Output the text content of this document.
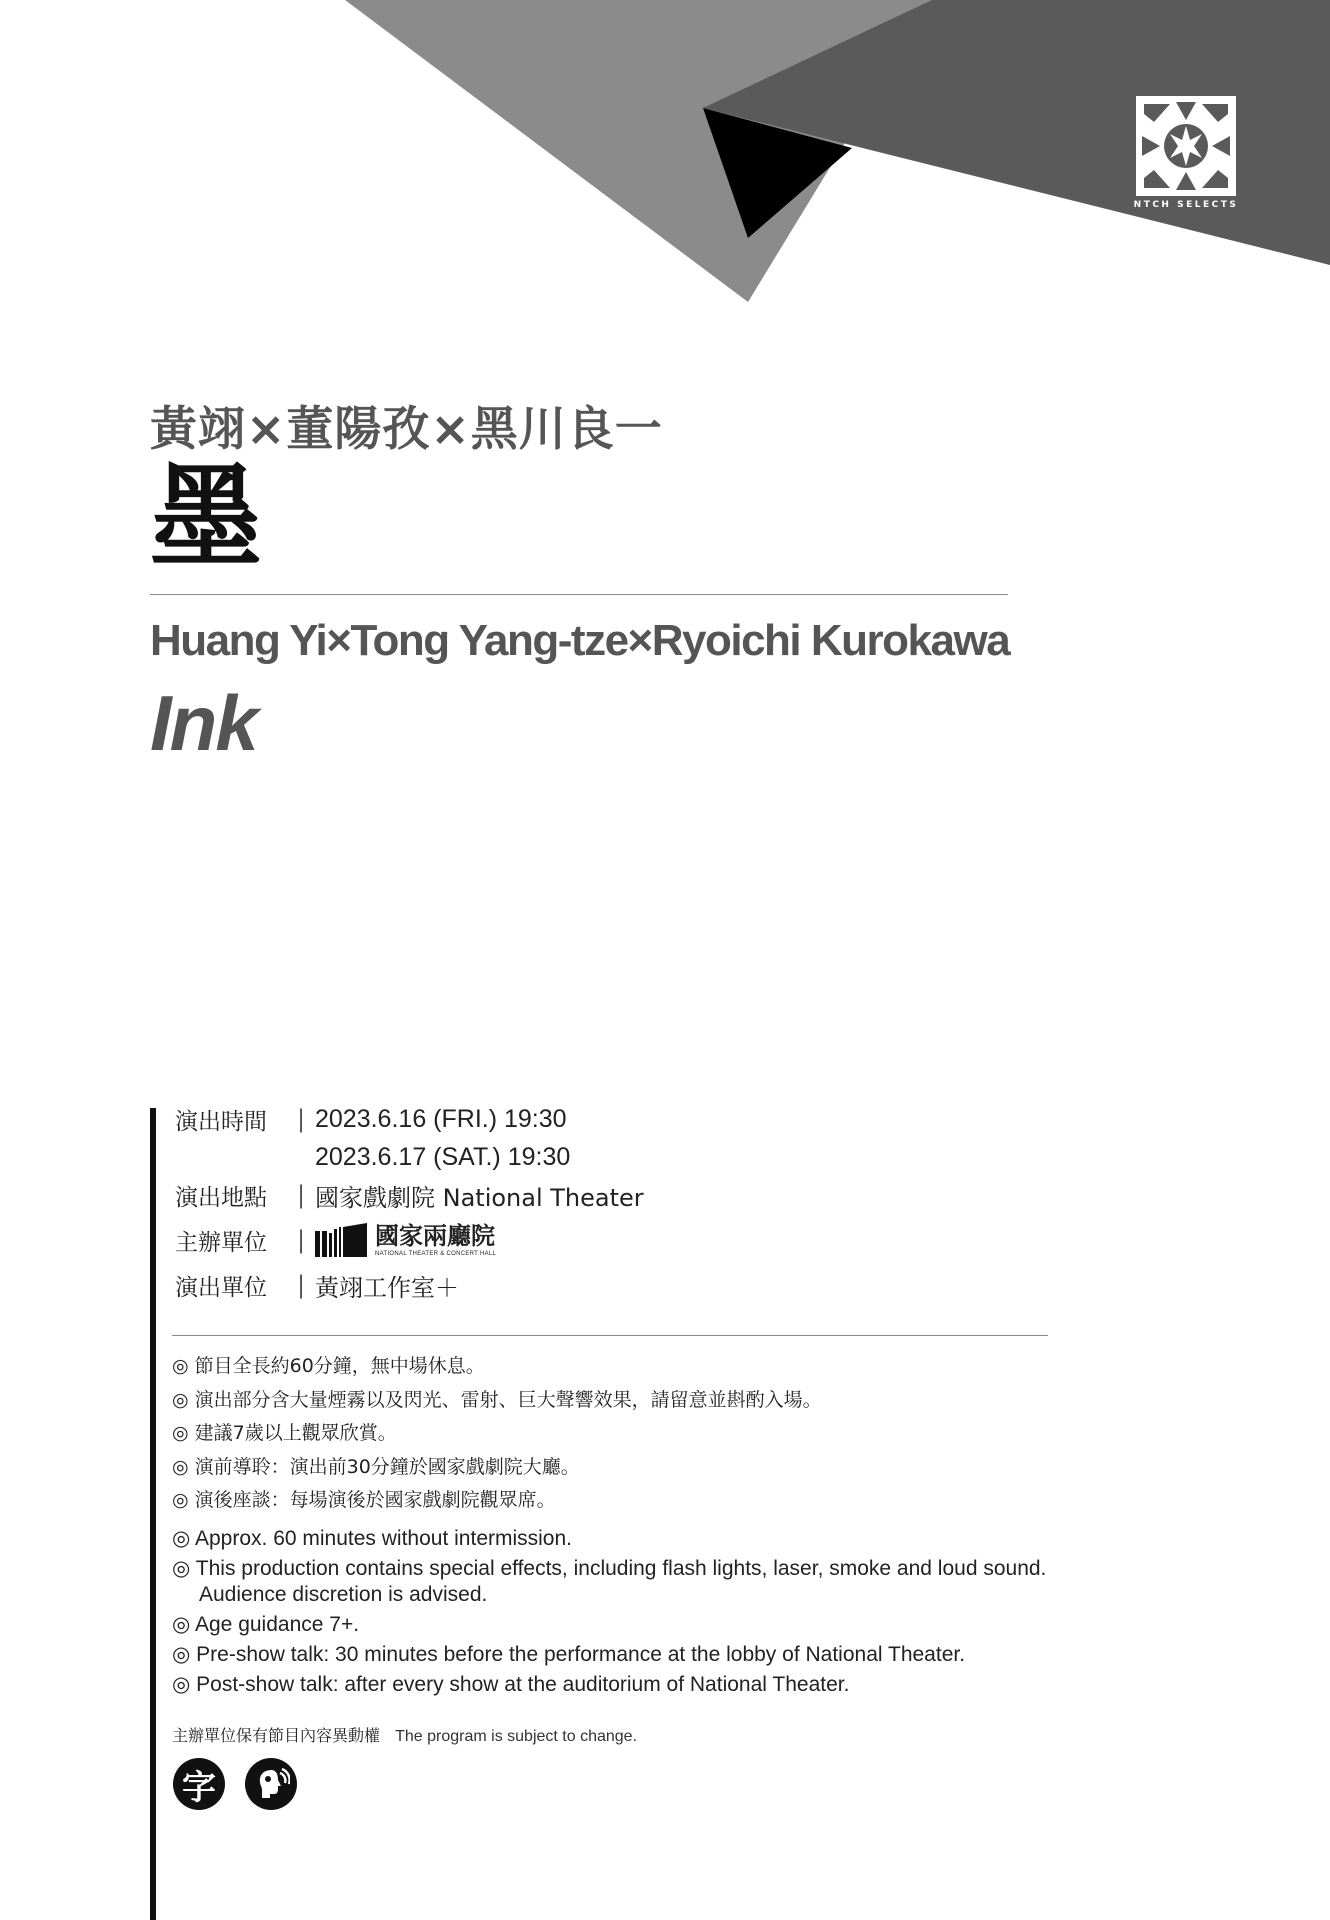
NTCH SELECTS
黃翊×董陽孜×黑川良一
墨
Huang Yi×Tong Yang-tze×Ryoichi Kurokawa
Ink
演出時間	| 2023.6.16 (FRI.) 19:30
2023.6.17 (SAT.) 19:30
演出地點	| 國家戲劇院 National Theater
主辦單位	|	國家兩廳院
NATIONAL THEATER & CONCERT HALL
演出單位	| 黃翊工作室＋
◎ 節目全長約60分鐘，無中場休息。
◎ 演出部分含大量煙霧以及閃光、雷射、巨大聲響效果，請留意並斟酌入場。
◎ 建議7歲以上觀眾欣賞。
◎ 演前導聆：演出前30分鐘於國家戲劇院大廳。
◎ 演後座談：每場演後於國家戲劇院觀眾席。
◎ Approx. 60 minutes without intermission.
◎ This production contains special effects, including flash lights, laser, smoke and loud sound.
Audience discretion is advised.
◎ Age guidance 7+.
◎ Pre-show talk: 30 minutes before the performance at the lobby of National Theater.
◎ Post-show talk: after every show at the auditorium of National Theater.
主辦單位保有節目內容異動權 The program is subject to change.
字
